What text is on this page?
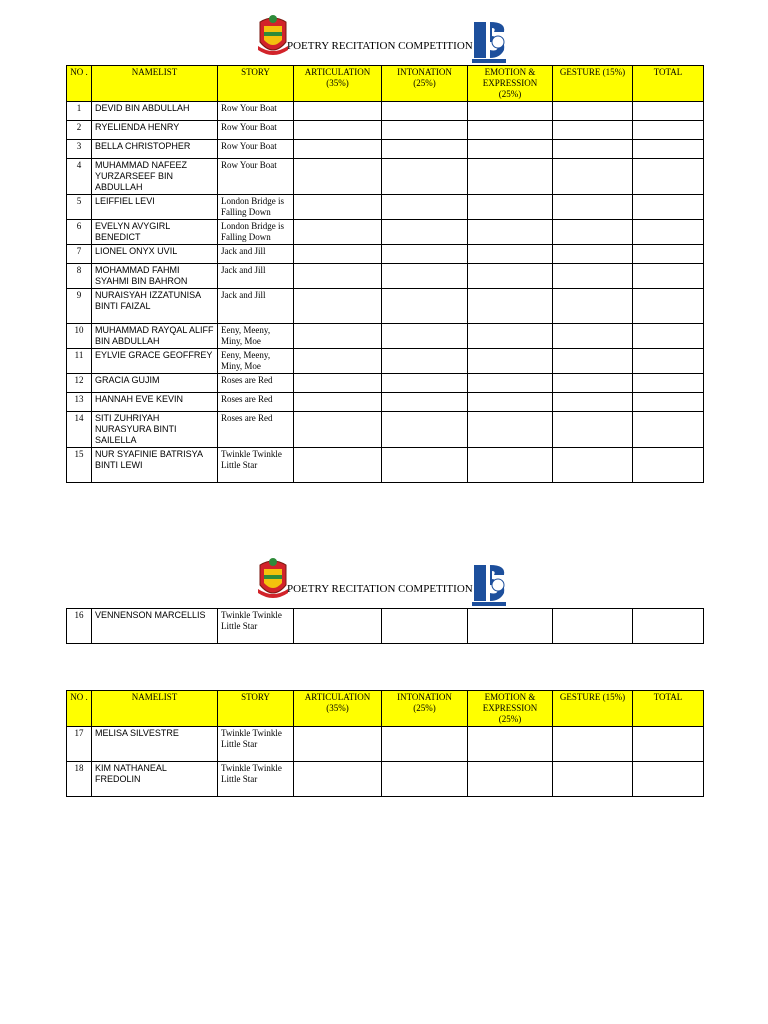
POETRY RECITATION COMPETITION
NO .	NAMELIST	STORY	ARTICULATION (35%)	INTONATION (25%)	EMOTION & EXPRESSION (25%)	GESTURE (15%)	TOTAL
1	DEVID BIN ABDULLAH	Row Your Boat					
2	RYELIENDA HENRY	Row Your Boat					
3	BELLA CHRISTOPHER	Row Your Boat					
4	MUHAMMAD NAFEEZ YURZARSEEF BIN ABDULLAH	Row Your Boat					
5	LEIFFIEL LEVI	London Bridge is Falling Down					
6	EVELYN AVYGIRL BENEDICT	London Bridge is Falling Down					
7	LIONEL ONYX UVIL	Jack and Jill					
8	MOHAMMAD FAHMI SYAHMI BIN BAHRON	Jack and Jill					
9	NURAISYAH IZZATUNISA BINTI FAIZAL	Jack and Jill					
10	MUHAMMAD RAYQAL ALIFF BIN ABDULLAH	Eeny, Meeny, Miny, Moe					
11	EYLVIE GRACE GEOFFREY	Eeny, Meeny, Miny, Moe					
12	GRACIA GUJIM	Roses are Red					
13	HANNAH EVE KEVIN	Roses are Red					
14	SITI ZUHRIYAH NURASYURA BINTI SAILELLA	Roses are Red					
15	NUR SYAFINIE BATRISYA BINTI LEWI	Twinkle Twinkle Little Star					
POETRY RECITATION COMPETITION
16	VENNENSON MARCELLIS	Twinkle Twinkle Little Star					
NO .	NAMELIST	STORY	ARTICULATION (35%)	INTONATION (25%)	EMOTION & EXPRESSION (25%)	GESTURE (15%)	TOTAL
17	MELISA SILVESTRE	Twinkle Twinkle Little Star					
18	KIM NATHANEAL FREDOLIN	Twinkle Twinkle Little Star					
